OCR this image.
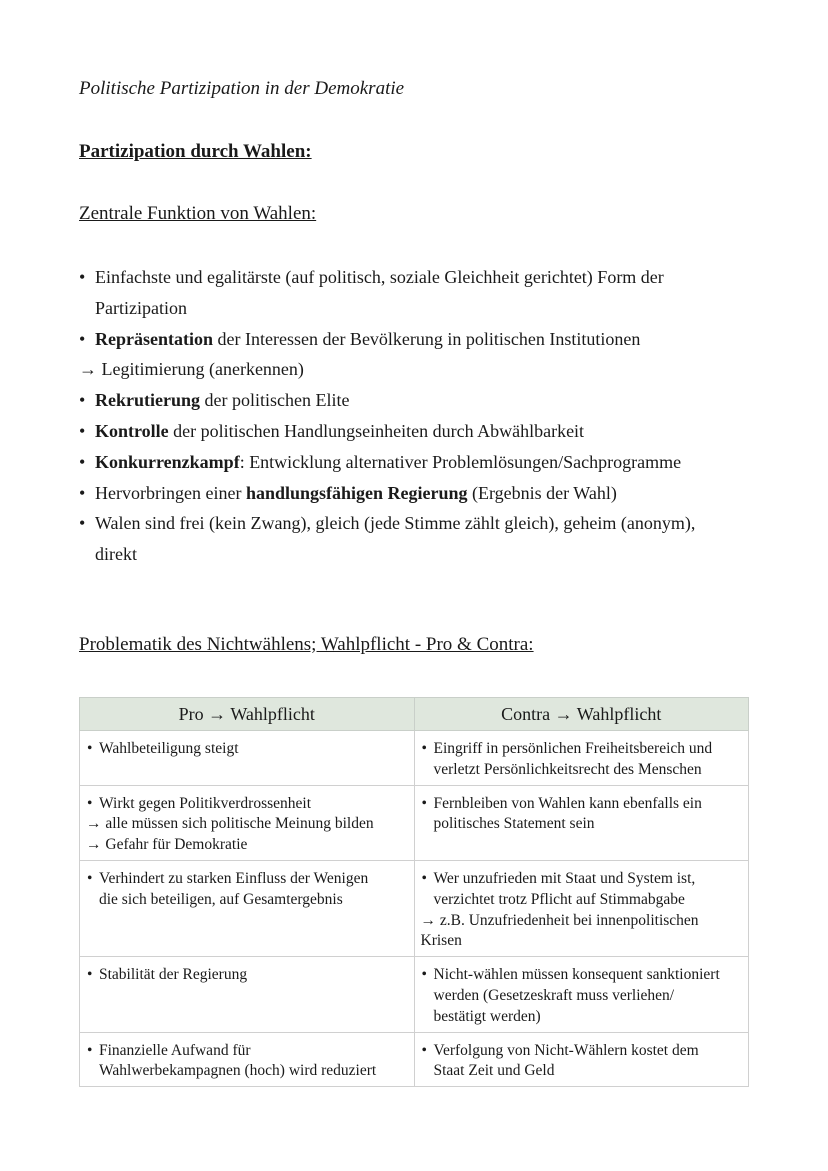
Politische Partizipation in der Demokratie
Partizipation durch Wahlen:
Zentrale Funktion von Wahlen:
• Einfachste und egalitärste (auf politisch, soziale Gleichheit gerichtet) Form der
Partizipation
• Repräsentation der Interessen der Bevölkerung in politischen Institutionen
→ Legitimierung (anerkennen)
• Rekrutierung der politischen Elite
• Kontrolle der politischen Handlungseinheiten durch Abwählbarkeit
• Konkurrenzkampf: Entwicklung alternativer Problemlösungen/Sachprogramme
• Hervorbringen einer handlungsfähigen Regierung (Ergebnis der Wahl)
• Walen sind frei (kein Zwang), gleich (jede Stimme zählt gleich), geheim (anonym),
direkt
Problematik des Nichtwählens; Wahlpflicht - Pro & Contra:
Pro → Wahlpflicht	Contra → Wahlpflicht

• Wahlbeteiligung steigt	• Eingriff in persönlichen Freiheitsbereich und
verletzt Persönlichkeitsrecht des Menschen

• Wirkt gegen Politikverdrossenheit
→ alle müssen sich politische Meinung bilden
→ Gefahr für Demokratie	• Fernbleiben von Wahlen kann ebenfalls ein
politisches Statement sein

• Verhindert zu starken Einfluss der Wenigen
die sich beteiligen, auf Gesamtergebnis	• Wer unzufrieden mit Staat und System ist,
verzichtet trotz Pflicht auf Stimmabgabe
→ z.B. Unzufriedenheit bei innenpolitischen
Krisen

• Stabilität der Regierung	• Nicht-wählen müssen konsequent sanktioniert
werden (Gesetzeskraft muss verliehen/
bestätigt werden)

• Finanzielle Aufwand für
Wahlwerbekampagnen (hoch) wird reduziert	• Verfolgung von Nicht-Wählern kostet dem
Staat Zeit und Geld
